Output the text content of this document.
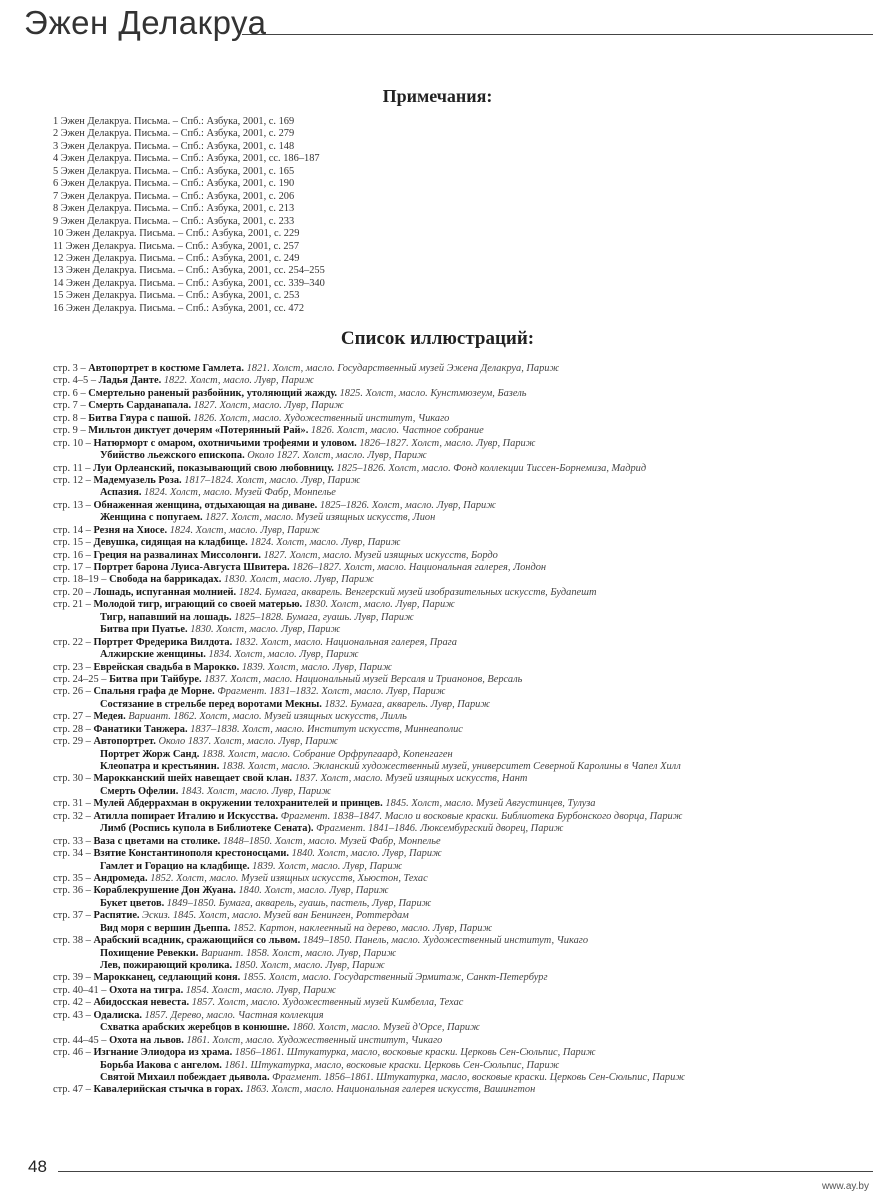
Эжен Делакруа
Примечания:
1 Эжен Делакруа. Письма. – Спб.: Азбука, 2001, с. 169
2 Эжен Делакруа. Письма. – Спб.: Азбука, 2001, с. 279
3 Эжен Делакруа. Письма. – Спб.: Азбука, 2001, с. 148
4 Эжен Делакруа. Письма. – Спб.: Азбука, 2001, сс. 186–187
5 Эжен Делакруа. Письма. – Спб.: Азбука, 2001, с. 165
6 Эжен Делакруа. Письма. – Спб.: Азбука, 2001, с. 190
7 Эжен Делакруа. Письма. – Спб.: Азбука, 2001, с. 206
8 Эжен Делакруа. Письма. – Спб.: Азбука, 2001, с. 213
9 Эжен Делакруа. Письма. – Спб.: Азбука, 2001, с. 233
10 Эжен Делакруа. Письма. – Спб.: Азбука, 2001, с. 229
11 Эжен Делакруа. Письма. – Спб.: Азбука, 2001, с. 257
12 Эжен Делакруа. Письма. – Спб.: Азбука, 2001, с. 249
13 Эжен Делакруа. Письма. – Спб.: Азбука, 2001, сс. 254–255
14 Эжен Делакруа. Письма. – Спб.: Азбука, 2001, сс. 339–340
15 Эжен Делакруа. Письма. – Спб.: Азбука, 2001, с. 253
16 Эжен Делакруа. Письма. – Спб.: Азбука, 2001, сс. 472
Список иллюстраций:
стр. 3 – Автопортрет в костюме Гамлета. 1821. Холст, масло. Государственный музей Эжена Делакруа, Париж
стр. 4–5 – Ладья Данте. 1822. Холст, масло. Лувр, Париж
стр. 6 – Смертельно раненый разбойник, утоляющий жажду. 1825. Холст, масло. Кунстмюзеум, Базель
стр. 7 – Смерть Сарданапала. 1827. Холст, масло. Лувр, Париж
стр. 8 – Битва Гяура с пашой. 1826. Холст, масло. Художественный институт, Чикаго
стр. 9 – Мильтон диктует дочерям «Потерянный Рай». 1826. Холст, масло. Частное собрание
стр. 10 – Натюрморт с омаром, охотничьими трофеями и уловом. 1826–1827. Холст, масло. Лувр, Париж
Убийство льежского епископа. Около 1827. Холст, масло. Лувр, Париж
стр. 11 – Луи Орлеанский, показывающий свою любовницу. 1825–1826. Холст, масло. Фонд коллекции Тиссен-Борнемиза, Мадрид
стр. 12 – Мадемуазель Роза. 1817–1824. Холст, масло. Лувр, Париж
Аспазия. 1824. Холст, масло. Музей Фабр, Монпелье
стр. 13 – Обнаженная женщина, отдыхающая на диване. 1825–1826. Холст, масло. Лувр, Париж
Женщина с попугаем. 1827. Холст, масло. Музей изящных искусств, Лион
стр. 14 – Резня на Хиосе. 1824. Холст, масло. Лувр, Париж
стр. 15 – Девушка, сидящая на кладбище. 1824. Холст, масло. Лувр, Париж
стр. 16 – Греция на развалинах Миссолонги. 1827. Холст, масло. Музей изящных искусств, Бордо
стр. 17 – Портрет барона Луиса-Августа Швитера. 1826–1827. Холст, масло. Национальная галерея, Лондон
стр. 18–19 – Свобода на баррикадах. 1830. Холст, масло. Лувр, Париж
стр. 20 – Лошадь, испуганная молнией. 1824. Бумага, акварель. Венгерский музей изобразительных искусств, Будапешт
стр. 21 – Молодой тигр, играющий со своей матерью. 1830. Холст, масло. Лувр, Париж
Тигр, напавший на лошадь. 1825–1828. Бумага, гуашь. Лувр, Париж
Битва при Пуатье. 1830. Холст, масло. Лувр, Париж
стр. 22 – Портрет Фредерика Вилдота. 1832. Холст, масло. Национальная галерея, Прага
Алжирские женщины. 1834. Холст, масло. Лувр, Париж
стр. 23 – Еврейская свадьба в Марокко. 1839. Холст, масло. Лувр, Париж
стр. 24–25 – Битва при Тайбуре. 1837. Холст, масло. Национальный музей Версаля и Трианонов, Версаль
стр. 26 – Спальня графа де Морне. Фрагмент. 1831–1832. Холст, масло. Лувр, Париж
Состязание в стрельбе перед воротами Мекны. 1832. Бумага, акварель. Лувр, Париж
стр. 27 – Медея. Вариант. 1862. Холст, масло. Музей изящных искусств, Лилль
стр. 28 – Фанатики Танжера. 1837–1838. Холст, масло. Институт искусств, Миннеаполис
стр. 29 – Автопортрет. Около 1837. Холст, масло. Лувр, Париж
Портрет Жорж Санд. 1838. Холст, масло. Собрание Орфрупгаард, Копенгаген
Клеопатра и крестьянин. 1838. Холст, масло. Экланский художественный музей, университет Северной Каролины в Чапел Хилл
стр. 30 – Марокканский шейх навещает свой клан. 1837. Холст, масло. Музей изящных искусств, Нант
Смерть Офелии. 1843. Холст, масло. Лувр, Париж
стр. 31 – Мулей Абдеррахман в окружении телохранителей и принцев. 1845. Холст, масло. Музей Августинцев, Тулуза
стр. 32 – Атилла попирает Италию и Искусства. Фрагмент. 1838–1847. Масло и восковые краски. Библиотека Бурбонского дворца, Париж
Лимб (Роспись купола в Библиотеке Сената). Фрагмент. 1841–1846. Люксембургский дворец, Париж
стр. 33 – Ваза с цветами на столике. 1848–1850. Холст, масло. Музей Фабр, Монпелье
стр. 34 – Взятие Константинополя крестоносцами. 1840. Холст, масло. Лувр, Париж
Гамлет и Горацио на кладбище. 1839. Холст, масло. Лувр, Париж
стр. 35 – Андромеда. 1852. Холст, масло. Музей изящных искусств, Хьюстон, Техас
стр. 36 – Кораблекрушение Дон Жуана. 1840. Холст, масло. Лувр, Париж
Букет цветов. 1849–1850. Бумага, акварель, гуашь, пастель, Лувр, Париж
стр. 37 – Распятие. Эскиз. 1845. Холст, масло. Музей ван Бенинген, Роттердам
Вид моря с вершин Дьеппа. 1852. Картон, наклеенный на дерево, масло. Лувр, Париж
стр. 38 – Арабский всадник, сражающийся со львом. 1849–1850. Панель, масло. Художественный институт, Чикаго
Похищение Ревекки. Вариант. 1858. Холст, масло. Лувр, Париж
Лев, пожирающий кролика. 1850. Холст, масло. Лувр, Париж
стр. 39 – Марокканец, седлающий коня. 1855. Холст, масло. Государственный Эрмитаж, Санкт-Петербург
стр. 40–41 – Охота на тигра. 1854. Холст, масло. Лувр, Париж
стр. 42 – Абидосская невеста. 1857. Холст, масло. Художественный музей Кимбелла, Техас
стр. 43 – Одалиска. 1857. Дерево, масло. Частная коллекция
Схватка арабских жеребцов в конюшне. 1860. Холст, масло. Музей д'Орсе, Париж
стр. 44–45 – Охота на львов. 1861. Холст, масло. Художественный институт, Чикаго
стр. 46 – Изгнание Элиодора из храма. 1856–1861. Штукатурка, масло, восковые краски. Церковь Сен-Сюльпис, Париж
Борьба Иакова с ангелом. 1861. Штукатурка, масло, восковые краски. Церковь Сен-Сюльпис, Париж
Святой Михаил побеждает дьявола. Фрагмент. 1856–1861. Штукатурка, масло, восковые краски. Церковь Сен-Сюльпис, Париж
стр. 47 – Кавалерийская стычка в горах. 1863. Холст, масло. Национальная галерея искусств, Вашингтон
48
www.ay.by
